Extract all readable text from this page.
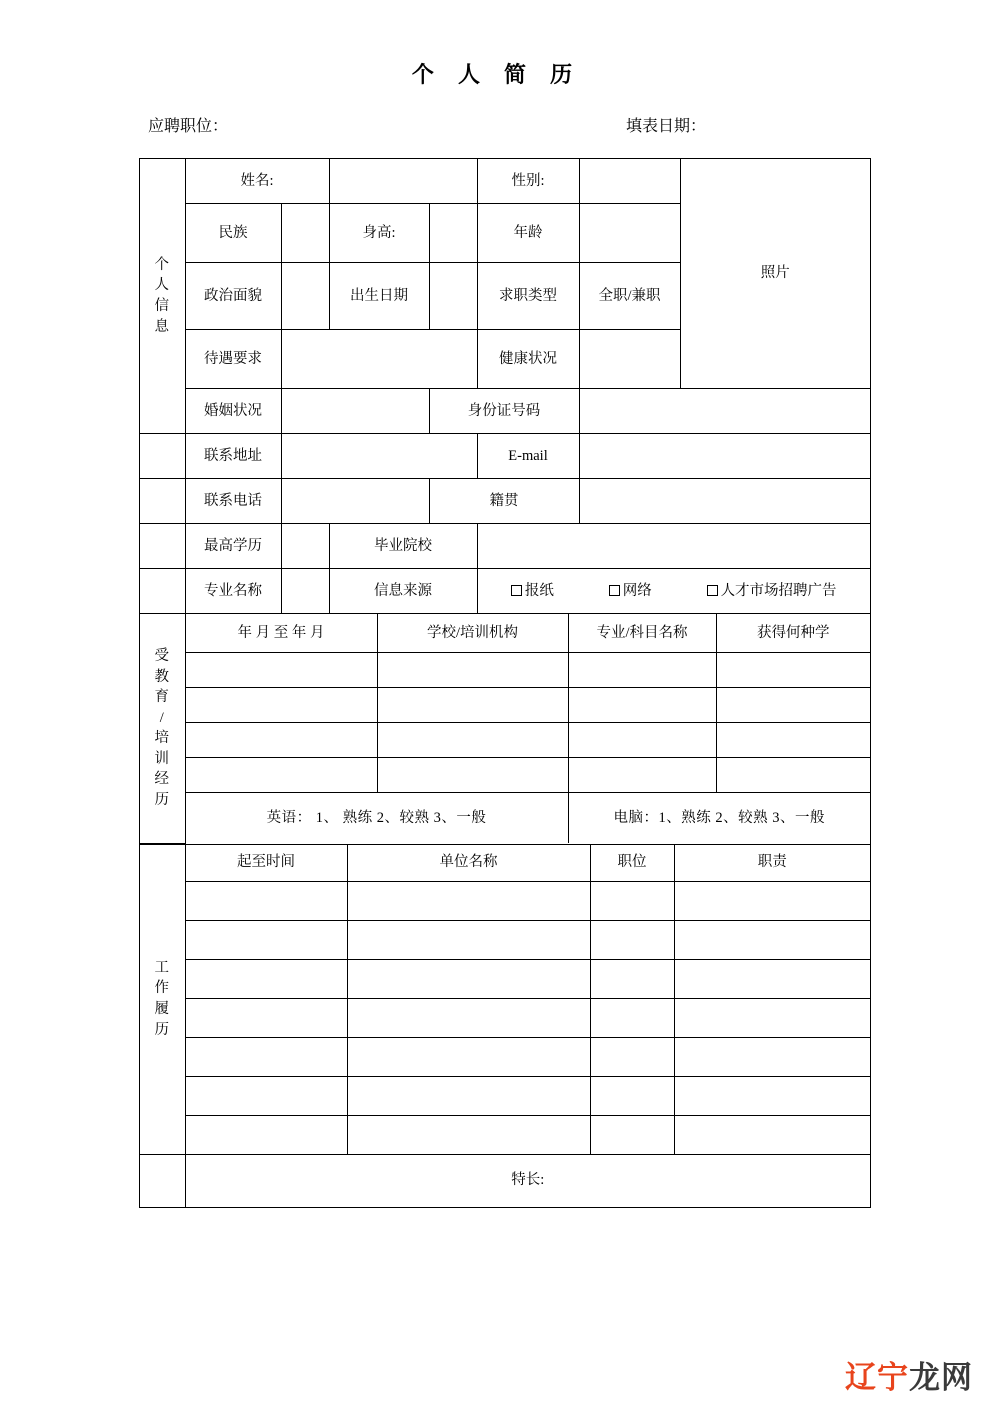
个 人 简 历
应聘职位：	填表日期：
个
人
信
息	姓名:				性别:		照片
	民族		身高:		年龄		
	政治面貌		出生日期		求职类型	全职/兼职	
	待遇要求				健康状况		
	婚姻状况			身份证号码			
	联系地址				E-mail		
	联系电话			籍贯			
	最高学历		毕业院校				
	专业名称		信息来源		报纸 网络 人才市场招聘广告		
受
教
育
/
培
训
经
历
	年 月 至 年 月	学校/培训机构	专业/科目名称	获得何种学

	英语： 1、 熟练 2、较熟 3、一般		电脑：1、熟练 2、较熟 3、一般	
工
作
履
历	起至时间	单位名称	职位	职责

	特长:			
辽宁龙网
